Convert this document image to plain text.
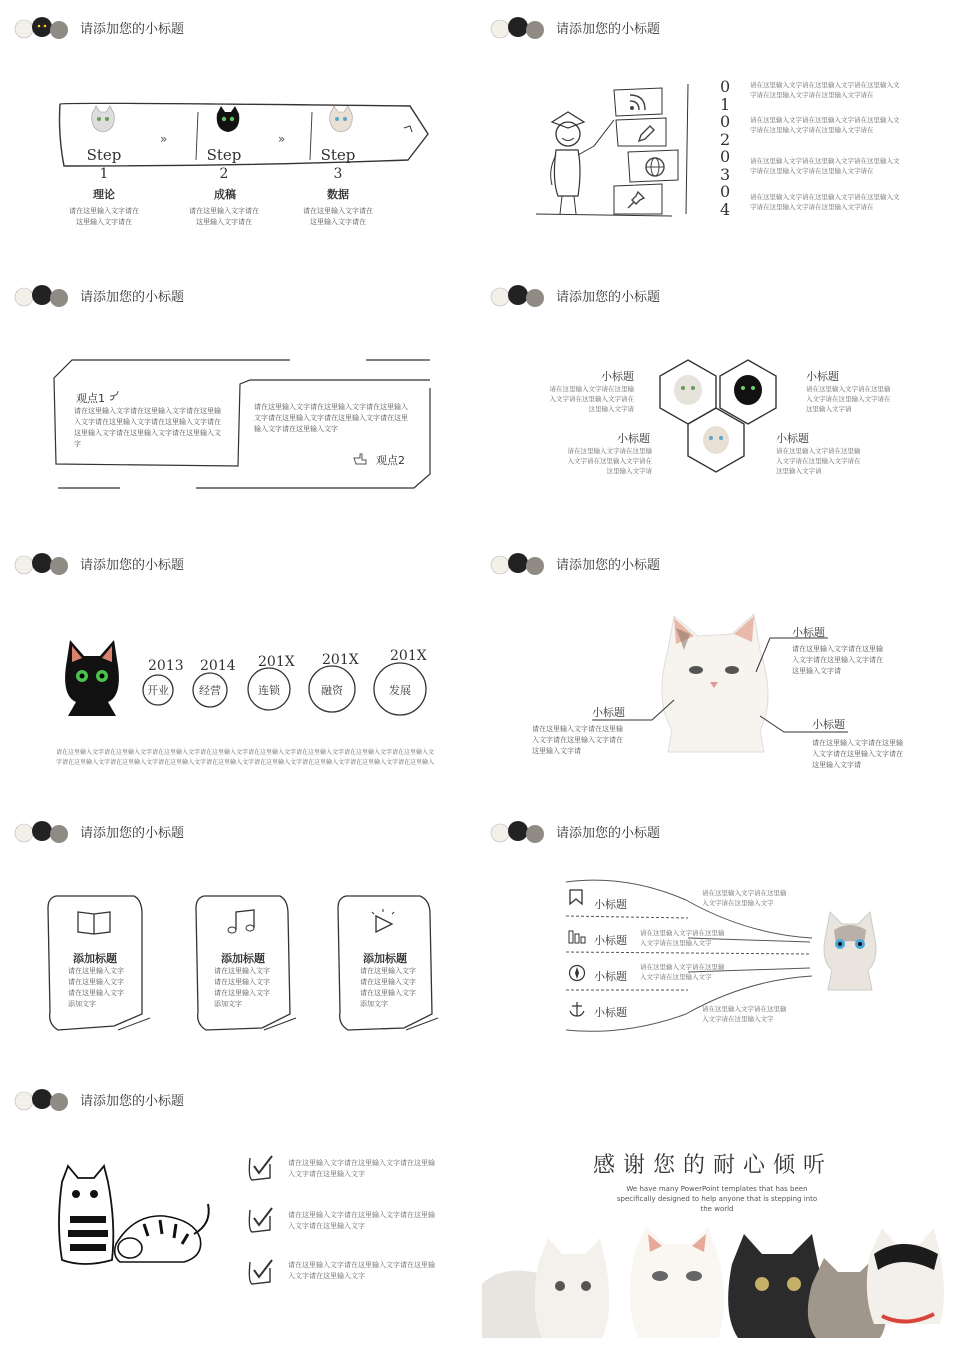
请添加您的小标题
»	»
Step	Step	Step
1	2	3
理论	成稿	数据
请在这里输入文字请在这里输入文字请在
请在这里输入文字请在这里输入文字请在
请在这里输入文字请在这里输入文字请在
请添加您的小标题
0
1
0
2
0
3
0
4
请在这里输入文字请在这里输入文字请在这里输入文字请在这里输入文字请在这里输入文字请在
请在这里输入文字请在这里输入文字请在这里输入文字请在这里输入文字请在这里输入文字请在
请在这里输入文字请在这里输入文字请在这里输入文字请在这里输入文字请在这里输入文字请在
请在这里输入文字请在这里输入文字请在这里输入文字请在这里输入文字请在这里输入文字请在
请添加您的小标题
观点1
请在这里输入文字请在这里输入文字请在这里输入文字请在这里输入文字请在这里输入文字请在这里输入文字请在这里输入文字请在这里输入文字
请在这里输入文字请在这里输入文字请在这里输入文字请在这里输入文字请在这里输入文字请在这里输入文字请在这里输入文字
观点2
请添加您的小标题
小标题
请在这里输入文字请在这里输入文字请在这里输入文字请在这里输入文字请
小标题
请在这里输入文字请在这里输入文字请在这里输入文字请在这里输入文字请
小标题
请在这里输入文字请在这里输入文字请在这里输入文字请在这里输入文字请
小标题
请在这里输入文字请在这里输入文字请在这里输入文字请在这里输入文字请
请添加您的小标题
2013 2014 201X 201X 201X
开业	经营	连锁	融资	发展
请在这里输入文字请在这里输入文字请在这里输入文字请在这里输入文字请在这里输入文字请在这里输入文字请在这里输入文字请在这里输入文字请在这里输入文字请在这里输入文字请在这里输入文字请在这里输入文字请在这里输入文字请在这里输入文字请在这里输入文字请在这里输入
请添加您的小标题
小标题
请在这里输入文字请在这里输入文字请在这里输入文字请在这里输入文字请
小标题
请在这里输入文字请在这里输入文字请在这里输入文字请在这里输入文字请
小标题
请在这里输入文字请在这里输入文字请在这里输入文字请在这里输入文字请
请添加您的小标题
添加标题
请在这里输入文字请在这里输入文字请在这里输入文字添加文字
添加标题
请在这里输入文字请在这里输入文字请在这里输入文字添加文字
添加标题
请在这里输入文字请在这里输入文字请在这里输入文字添加文字
请添加您的小标题
小标题
小标题
小标题
小标题
请在这里输入文字请在这里输入文字请在这里输入文字
请在这里输入文字请在这里输入文字请在这里输入文字
请在这里输入文字请在这里输入文字请在这里输入文字
请在这里输入文字请在这里输入文字请在这里输入文字
请添加您的小标题
请在这里输入文字请在这里输入文字请在这里输入文字请在这里输入文字
请在这里输入文字请在这里输入文字请在这里输入文字请在这里输入文字
请在这里输入文字请在这里输入文字请在这里输入文字请在这里输入文字
感谢您的耐心倾听
We have many PowerPoint templates that has been specifically designed to help anyone that is stepping into the world
